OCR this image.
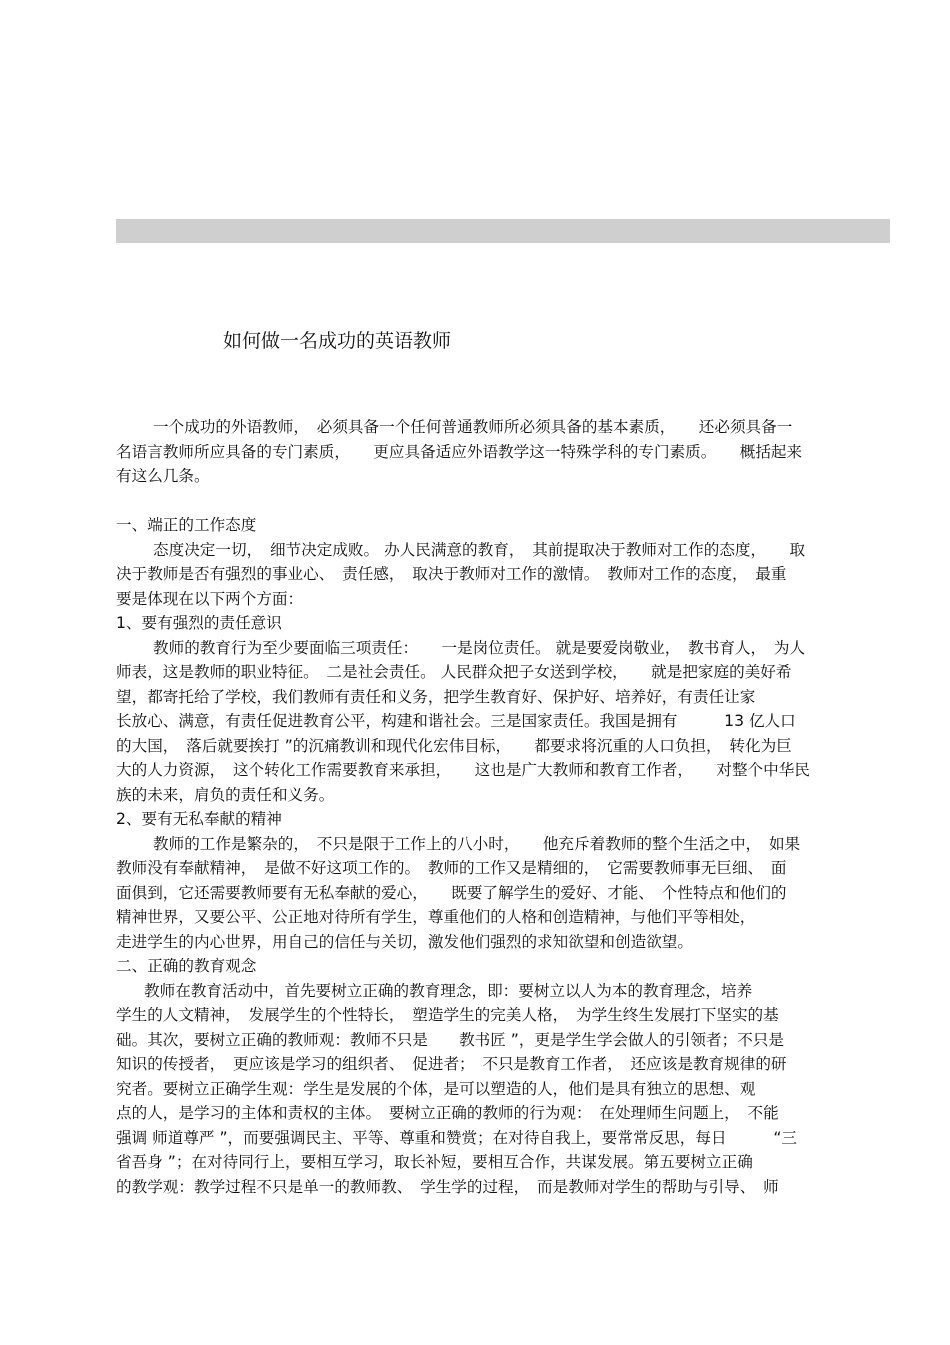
如何做一名成功的英语教师
一个成功的外语教师，　必须具备一个任何普通教师所必须具备的基本素质，　　还必须具备一
名语言教师所应具备的专门素质，　　更应具备适应外语教学这一特殊学科的专门素质。　　概括起来
有这么几条。
一、端正的工作态度
态度决定一切，　细节决定成败。 办人民满意的教育，　其前提取决于教师对工作的态度，　　取
决于教师是否有强烈的事业心、　责任感，　取决于教师对工作的激情。　教师对工作的态度，　最重
要是体现在以下两个方面：
1、要有强烈的责任意识
教师的教育行为至少要面临三项责任：　　一是岗位责任。 就是要爱岗敬业，　教书育人，　为人
师表，这是教师的职业特征。　二是社会责任。 人民群众把子女送到学校，　　就是把家庭的美好希
望，都寄托给了学校，我们教师有责任和义务，把学生教育好、保护好、培养好，有责任让家
长放心、满意，有责任促进教育公平，构建和谐社会。三是国家责任。我国是拥有　　　13 亿人口
的大国，　落后就要挨打 ”的沉痛教训和现代化宏伟目标，　　都要求将沉重的人口负担，　转化为巨
大的人力资源，　这个转化工作需要教育来承担，　　这也是广大教师和教育工作者，　　对整个中华民
族的未来，肩负的责任和义务。
2、要有无私奉献的精神
教师的工作是繁杂的，　不只是限于工作上的八小时，　　他充斥着教师的整个生活之中，　如果
教师没有奉献精神，　是做不好这项工作的。　教师的工作又是精细的，　它需要教师事无巨细、　面
面俱到，它还需要教师要有无私奉献的爱心，　　既要了解学生的爱好、才能、　个性特点和他们的
精神世界，又要公平、公正地对待所有学生，尊重他们的人格和创造精神，与他们平等相处，
走进学生的内心世界，用自己的信任与关切，激发他们强烈的求知欲望和创造欲望。
二、正确的教育观念
教师在教育活动中，首先要树立正确的教育理念，即：要树立以人为本的教育理念，培养
学生的人文精神，　发展学生的个性特长，　塑造学生的完美人格，　为学生终生发展打下坚实的基
础。其次，要树立正确的教师观：教师不只是　　教书匠 ”，更是学生学会做人的引领者；不只是
知识的传授者，　更应该是学习的组织者、　促进者；　不只是教育工作者，　还应该是教育规律的研
究者。要树立正确学生观：学生是发展的个体，是可以塑造的人，他们是具有独立的思想、观
点的人，是学习的主体和责权的主体。　要树立正确的教师的行为观：　在处理师生问题上，　不能
强调 师道尊严 ”，而要强调民主、平等、尊重和赞赏；在对待自我上，要常常反思，每日　　　“三
省吾身 ”；在对待同行上，要相互学习，取长补短，要相互合作，共谋发展。第五要树立正确
的教学观：教学过程不只是单一的教师教、　学生学的过程，　而是教师对学生的帮助与引导、　师
